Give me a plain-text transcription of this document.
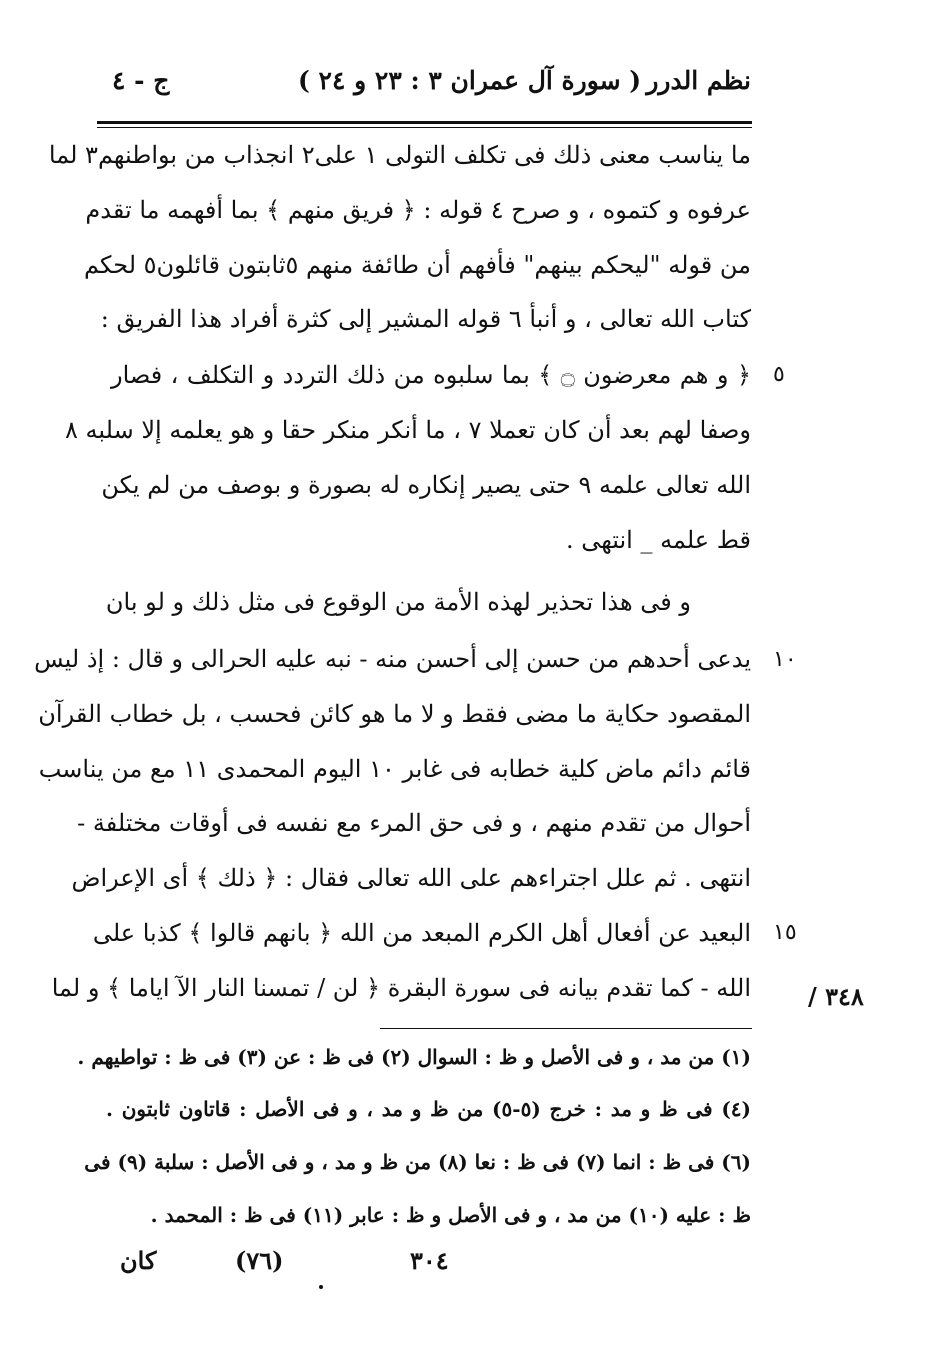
نظم الدرر
( سورة آل عمران ٣ : ٢٣ و ٢٤ )
ج - ٤
ما يناسب معنى ذلك فى تكلف التولى ١ على٢ انجذاب من بواطنهم٣ لما
عرفوه و كتموه ، و صرح ٤ قوله : ﴿ فريق منهم ﴾ بما أفهمه ما تقدم
من قوله "ليحكم بينهم" فأفهم أن طائفة منهم ٥ثابتون قائلون٥ لحكم
كتاب الله تعالى ، و أنبأ ٦ قوله المشير إلى كثرة أفراد هذا الفريق :
٥
﴿ و هم معرضون ۝ ﴾ بما سلبوه من ذلك التردد و التكلف ، فصار
وصفا لهم بعد أن كان تعملا ٧ ، ما أنكر منكر حقا و هو يعلمه إلا سلبه ٨
الله تعالى علمه ٩ حتى يصير إنكاره له بصورة و بوصف من لم يكن
قط علمه _ انتهى .
و فى هذا تحذير لهذه الأمة من الوقوع فى مثل ذلك و لو بان
١٠
يدعى أحدهم من حسن إلى أحسن منه - نبه عليه الحرالى و قال : إذ ليس
المقصود حكاية ما مضى فقط و لا ما هو كائن فحسب ، بل خطاب القرآن
قائم دائم ماض كلية خطابه فى غابر ١٠ اليوم المحمدى ١١ مع من يناسب
أحوال من تقدم منهم ، و فى حق المرء مع نفسه فى أوقات مختلفة -
انتهى . ثم علل اجتراءهم على الله تعالى فقال : ﴿ ذلك ﴾ أى الإعراض
١٥
البعيد عن أفعال أهل الكرم المبعد من الله ﴿ بانهم قالوا ﴾ كذبا على
الله - كما تقدم بيانه فى سورة البقرة ﴿ لن / تمسنا النار الآ اياما ﴾ و لما ٣٤٨ /
(١) من مد ، و فى الأصل و ظ : السوال (٢) فى ظ : عن (٣) فى ظ : تواطيهم .
(٤) فى ظ و مد : خرج (٥-٥) من ظ و مد ، و فى الأصل : قاتاون ثابتون .
(٦) فى ظ : انما (٧) فى ظ : نعا (٨) من ظ و مد ، و فى الأصل : سلبة (٩) فى
ظ : عليه (١٠) من مد ، و فى الأصل و ظ : عابر (١١) فى ظ : المحمد .
٣٠٤
(٧٦)
كان
